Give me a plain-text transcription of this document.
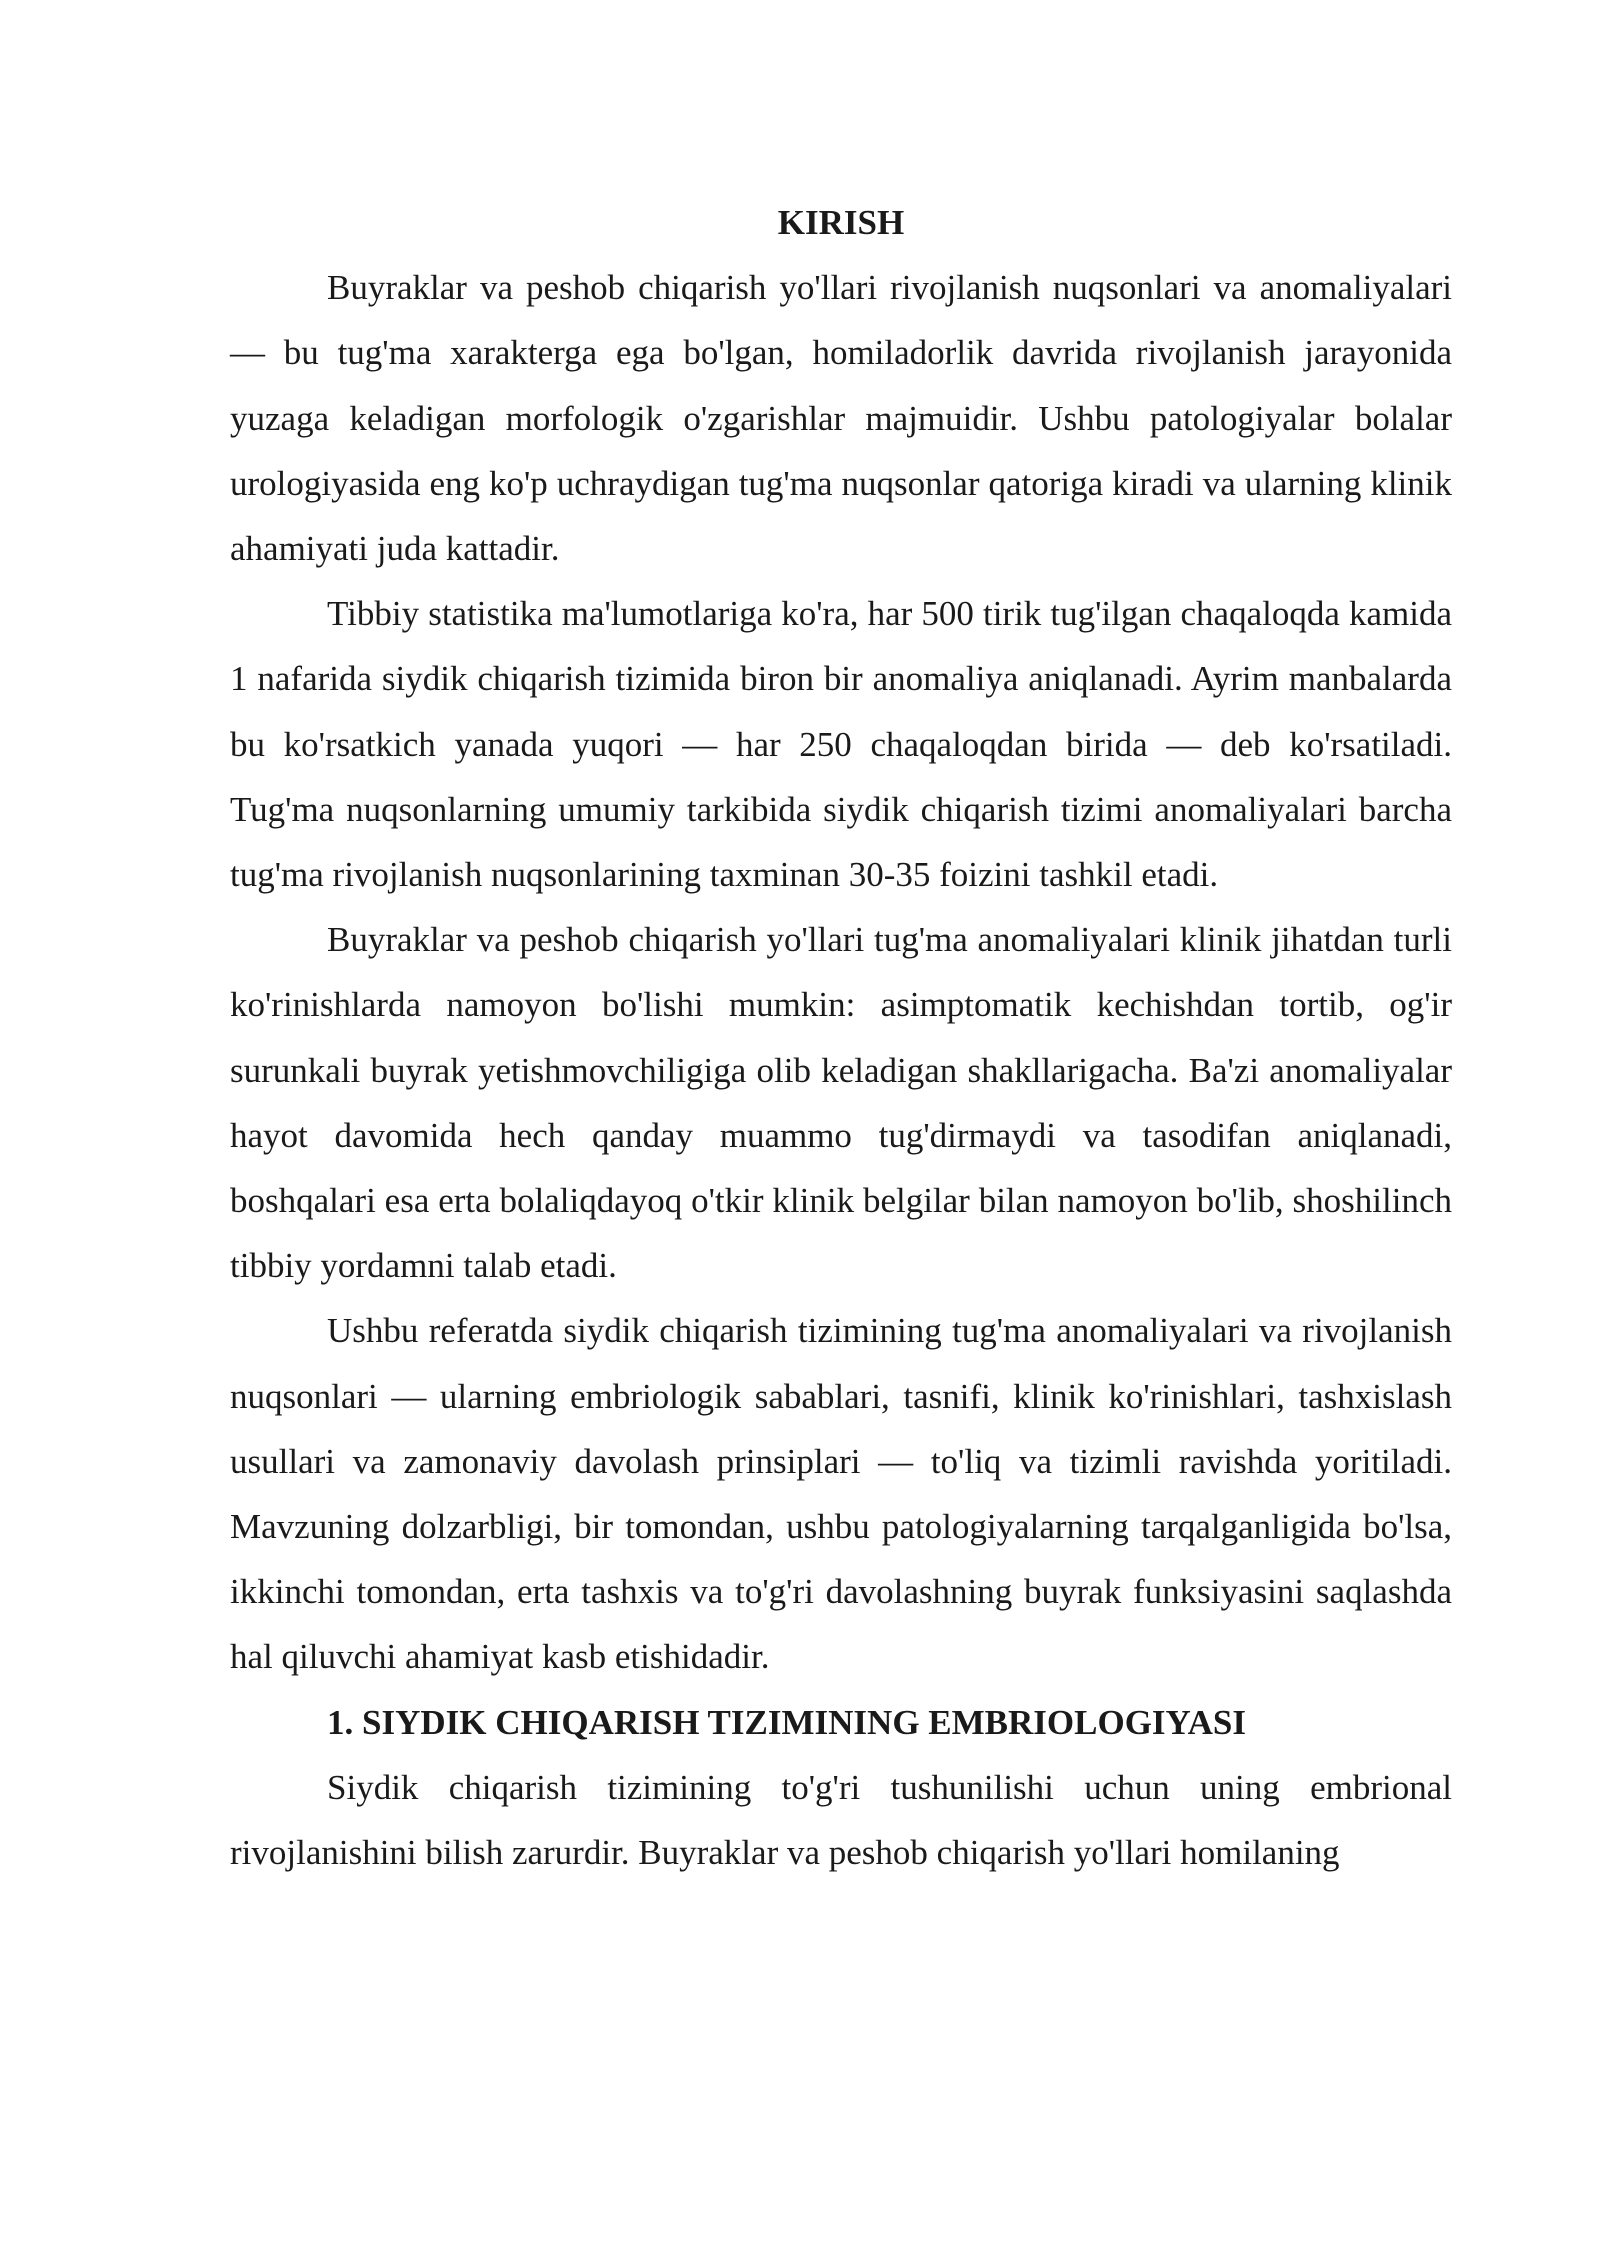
KIRISH

Buyraklar va peshob chiqarish yo'llari rivojlanish nuqsonlari va anomaliyalari — bu tug'ma xarakterga ega bo'lgan, homiladorlik davrida rivojlanish jarayonida yuzaga keladigan morfologik o'zgarishlar majmuidir. Ushbu patologiyalar bolalar urologiyasida eng ko'p uchraydigan tug'ma nuqsonlar qatoriga kiradi va ularning klinik ahamiyati juda kattadir.

Tibbiy statistika ma'lumotlariga ko'ra, har 500 tirik tug'ilgan chaqaloqda kamida 1 nafarida siydik chiqarish tizimida biron bir anomaliya aniqlanadi. Ayrim manbalarda bu ko'rsatkich yanada yuqori — har 250 chaqaloqdan birida — deb ko'rsatiladi. Tug'ma nuqsonlarning umumiy tarkibida siydik chiqarish tizimi anomaliyalari barcha tug'ma rivojlanish nuqsonlarining taxminan 30-35 foizini tashkil etadi.

Buyraklar va peshob chiqarish yo'llari tug'ma anomaliyalari klinik jihatdan turli ko'rinishlarda namoyon bo'lishi mumkin: asimptomatik kechishdan tortib, og'ir surunkali buyrak yetishmovchiligiga olib keladigan shakllarigacha. Ba'zi anomaliyalar hayot davomida hech qanday muammo tug'dirmaydi va tasodifan aniqlanadi, boshqalari esa erta bolaliqdayoq o'tkir klinik belgilar bilan namoyon bo'lib, shoshilinch tibbiy yordamni talab etadi.

Ushbu referatda siydik chiqarish tizimining tug'ma anomaliyalari va rivojlanish nuqsonlari — ularning embriologik sabablari, tasnifi, klinik ko'rinishlari, tashxislash usullari va zamonaviy davolash prinsiplari — to'liq va tizimli ravishda yoritiladi. Mavzuning dolzarbligi, bir tomondan, ushbu patologiyalarning tarqalganligida bo'lsa, ikkinchi tomondan, erta tashxis va to'g'ri davolashning buyrak funksiyasini saqlashda hal qiluvchi ahamiyat kasb etishidadir.

1. SIYDIK CHIQARISH TIZIMINING EMBRIOLOGIYASI

Siydik chiqarish tizimining to'g'ri tushunilishi uchun uning embrional rivojlanishini bilish zarurdir. Buyraklar va peshob chiqarish yo'llari homilaning
